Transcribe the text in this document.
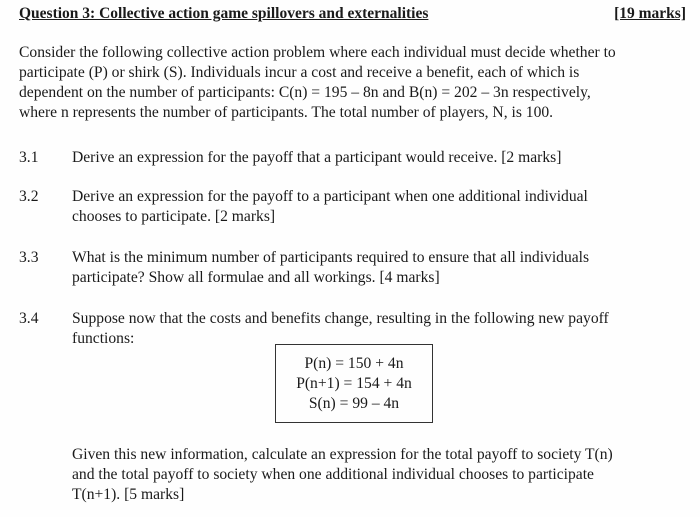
Question 3: Collective action game spillovers and externalities	[19 marks]

Consider the following collective action problem where each individual must decide whether to

participate (P) or shirk (S). Individuals incur a cost and receive a benefit, each of which is

dependent on the number of participants: C(n) = 195 – 8n and B(n) = 202 – 3n respectively,

where n represents the number of participants. The total number of players, N, is 100.

3.1 Derive an expression for the payoff that a participant would receive. [2 marks]
3.2 Derive an expression for the payoff to a participant when one additional individual
chooses to participate. [2 marks]
3.3 What is the minimum number of participants required to ensure that all individuals
participate? Show all formulae and all workings. [4 marks]
3.4 Suppose now that the costs and benefits change, resulting in the following new payoff
functions:
P(n) = 150 + 4n
P(n+1) = 154 + 4n
S(n) = 99 – 4n
Given this new information, calculate an expression for the total payoff to society T(n)
and the total payoff to society when one additional individual chooses to participate
T(n+1). [5 marks]
